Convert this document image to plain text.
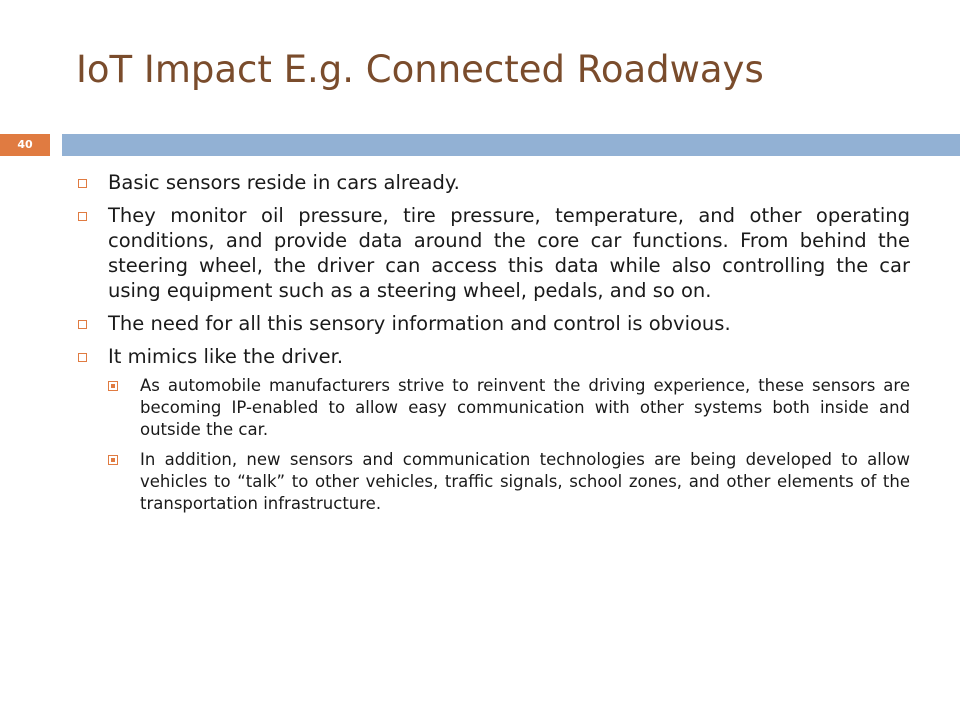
IoT Impact E.g. Connected Roadways
40
Basic sensors reside in cars already.
They monitor oil pressure, tire pressure, temperature, and other operating conditions, and provide data around the core car functions. From behind the steering wheel, the driver can access this data while also controlling the car using equipment such as a steering wheel, pedals, and so on.
The need for all this sensory information and control is obvious.
It mimics like the driver.
As automobile manufacturers strive to reinvent the driving experience, these sensors are becoming IP-enabled to allow easy communication with other systems both inside and outside the car.
In addition, new sensors and communication technologies are being developed to allow vehicles to “talk” to other vehicles, traffic signals, school zones, and other elements of the transportation infrastructure.
